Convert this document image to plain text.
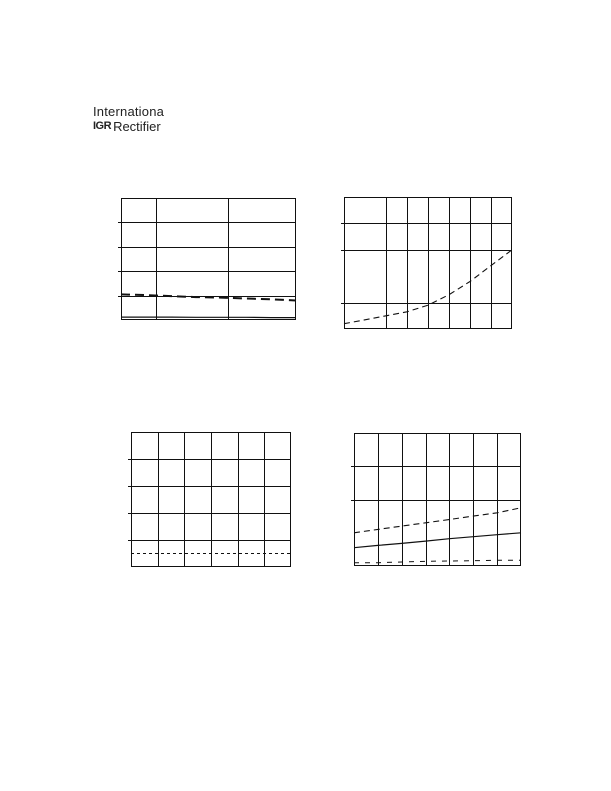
Internationa
IGR Rectifier
